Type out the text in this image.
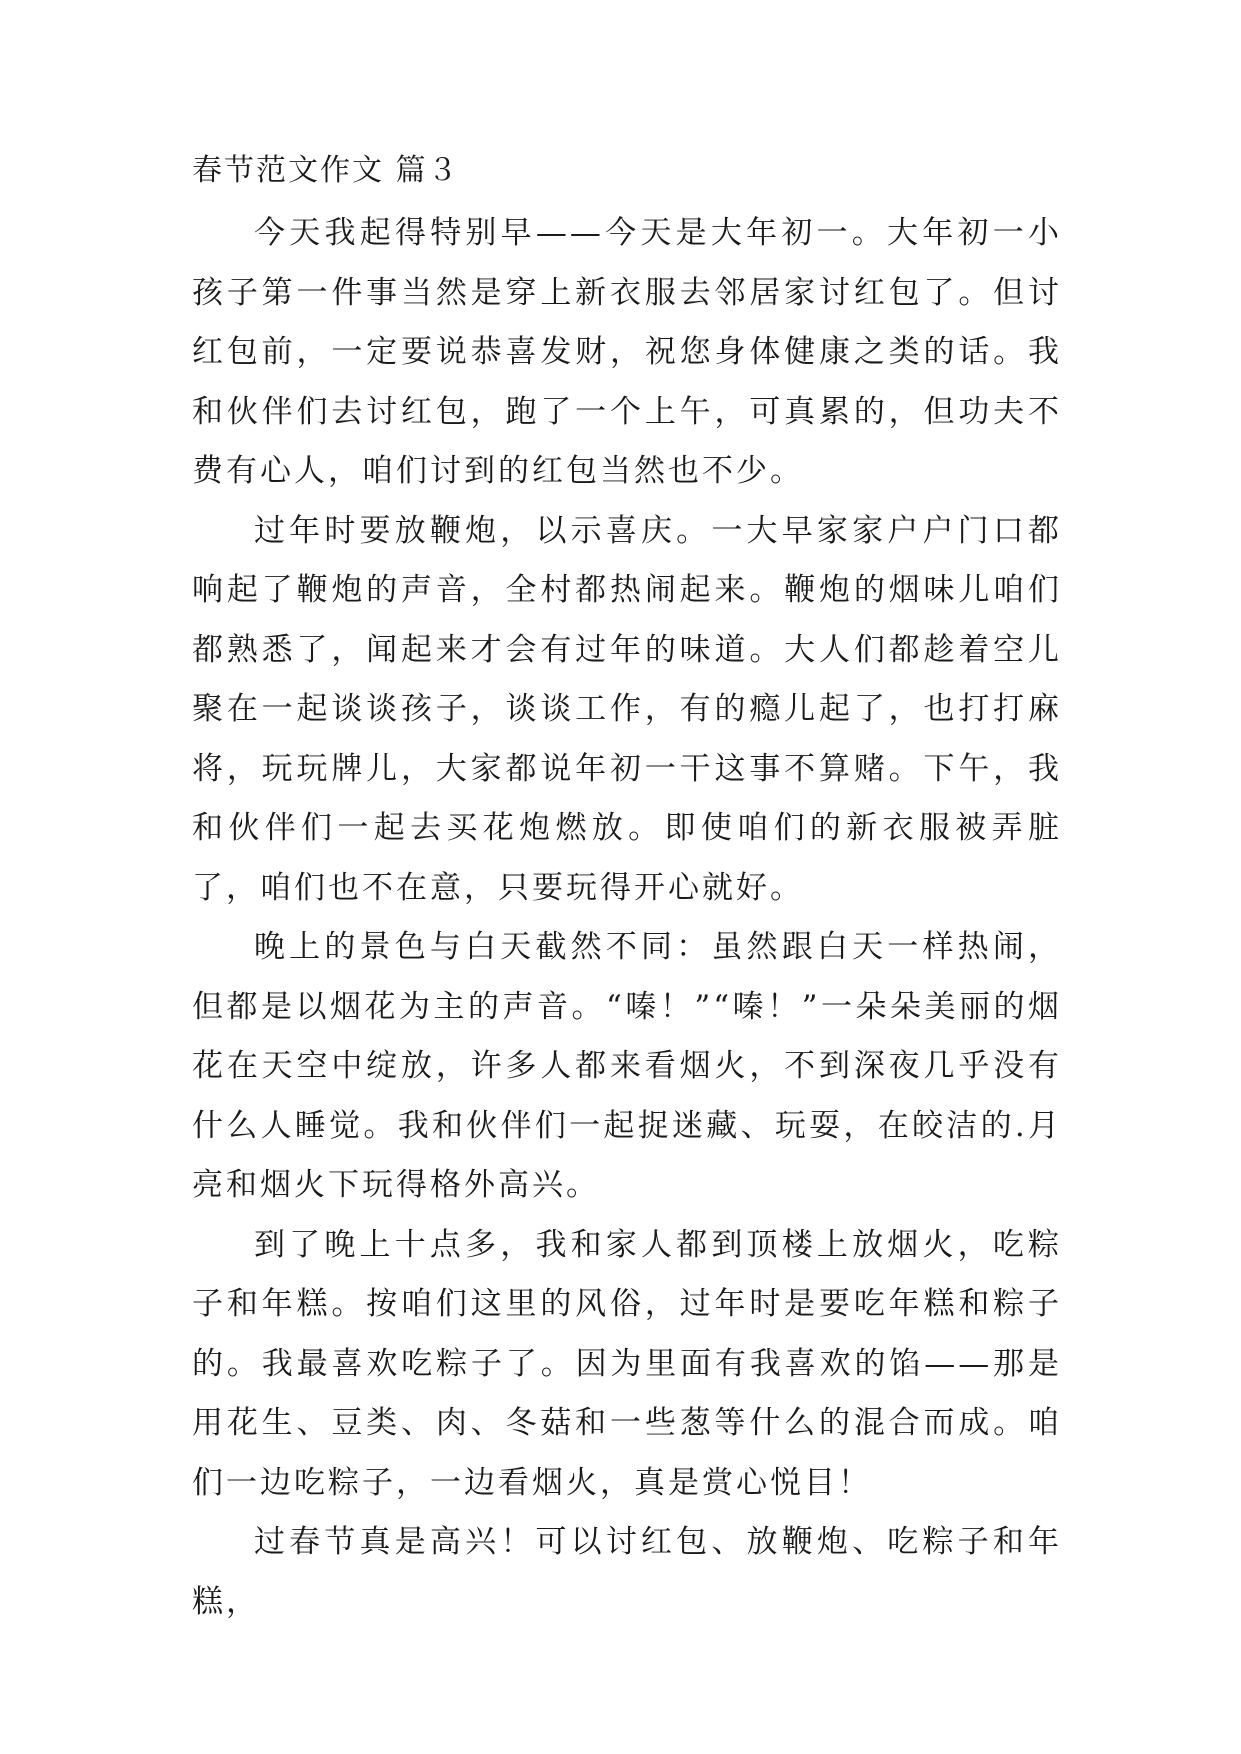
春节范文作文 篇３

今天我起得特别早——今天是大年初一。大年初一小孩子第一件事当然是穿上新衣服去邻居家讨红包了。但讨红包前，一定要说恭喜发财，祝您身体健康之类的话。我和伙伴们去讨红包，跑了一个上午，可真累的，但功夫不费有心人，咱们讨到的红包当然也不少。

过年时要放鞭炮，以示喜庆。一大早家家户户门口都响起了鞭炮的声音，全村都热闹起来。鞭炮的烟味儿咱们都熟悉了，闻起来才会有过年的味道。大人们都趁着空儿聚在一起谈谈孩子，谈谈工作，有的瘾儿起了，也打打麻将，玩玩牌儿，大家都说年初一干这事不算赌。下午，我和伙伴们一起去买花炮燃放。即使咱们的新衣服被弄脏了，咱们也不在意，只要玩得开心就好。

晚上的景色与白天截然不同：虽然跟白天一样热闹，但都是以烟花为主的声音。“嗪！”“嗪！”一朵朵美丽的烟花在天空中绽放，许多人都来看烟火，不到深夜几乎没有什么人睡觉。我和伙伴们一起捉迷藏、玩耍，在皎洁的.月亮和烟火下玩得格外高兴。

到了晚上十点多，我和家人都到顶楼上放烟火，吃粽子和年糕。按咱们这里的风俗，过年时是要吃年糕和粽子的。我最喜欢吃粽子了。因为里面有我喜欢的馅——那是用花生、豆类、肉、冬菇和一些葱等什么的混合而成。咱们一边吃粽子，一边看烟火，真是赏心悦目！

过春节真是高兴！可以讨红包、放鞭炮、吃粽子和年糕，
